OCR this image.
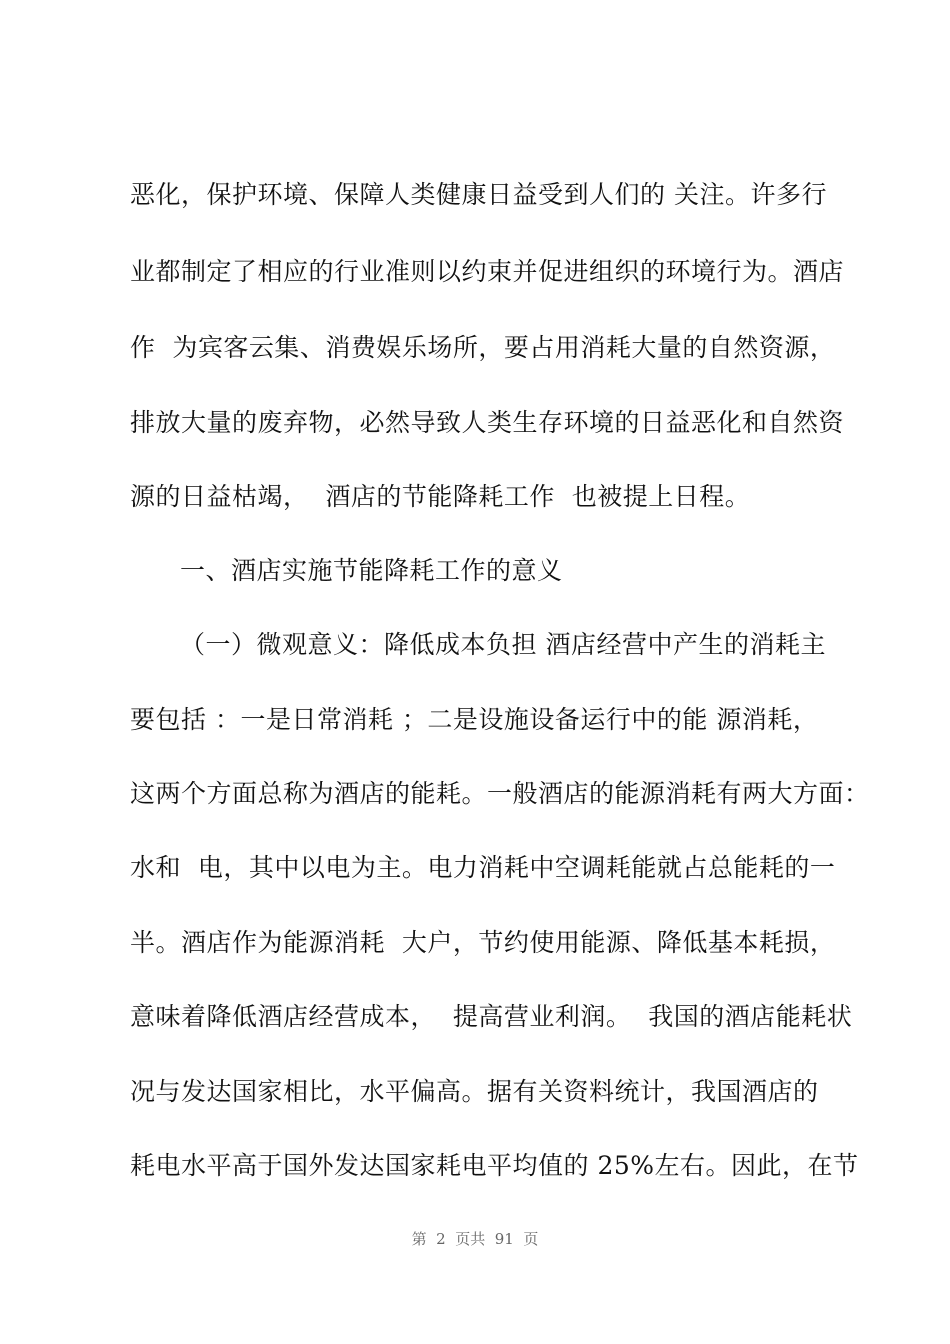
恶化，保护环境、保障人类健康日益受到人们的 关注。许多行

业都制定了相应的行业准则以约束并促进组织的环境行为。酒店

作  为宾客云集、消费娱乐场所，要占用消耗大量的自然资源，

排放大量的废弃物，必然导致人类生存环境的日益恶化和自然资

源的日益枯竭，  酒店的节能降耗工作  也被提上日程。

一、酒店实施节能降耗工作的意义

（一）微观意义：降低成本负担 酒店经营中产生的消耗主

要包括 ：一是日常消耗 ；二是设施设备运行中的能 源消耗，

这两个方面总称为酒店的能耗。一般酒店的能源消耗有两大方面：

水和  电，其中以电为主。电力消耗中空调耗能就占总能耗的一

半。酒店作为能源消耗  大户，节约使用能源、降低基本耗损，

意味着降低酒店经营成本，  提高营业利润。  我国的酒店能耗状

况与发达国家相比，水平偏高。据有关资料统计，我国酒店的

耗电水平高于国外发达国家耗电平均值的 25%左右。因此，在节

第  2  页共  91  页
